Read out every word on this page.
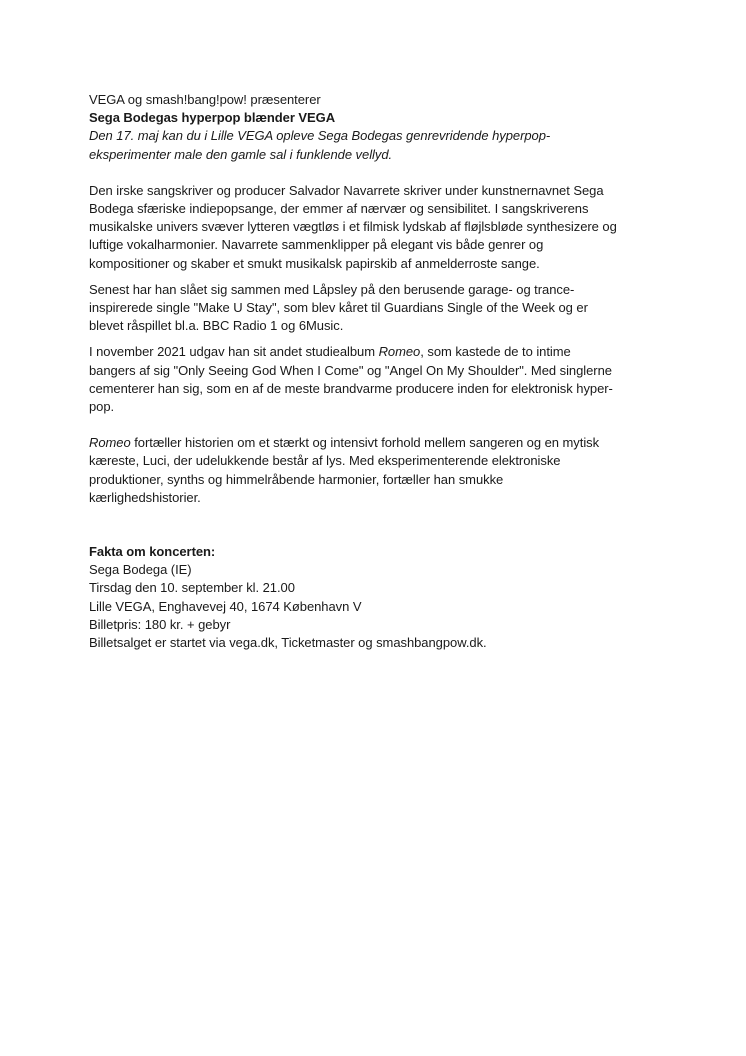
VEGA og smash!bang!pow! præsenterer
Sega Bodegas hyperpop blænder VEGA
Den 17. maj kan du i Lille VEGA opleve Sega Bodegas genrevridende hyperpop-
eksperimenter male den gamle sal i funklende vellyd.
Den irske sangskriver og producer Salvador Navarrete skriver under kunstnernavnet Sega
Bodega sfæriske indiepopsange, der emmer af nærvær og sensibilitet. I sangskriverens
musikalske univers svæver lytteren vægtløs i et filmisk lydskab af fløjlsbløde synthesizere og
luftige vokalharmonier. Navarrete sammenklipper på elegant vis både genrer og
kompositioner og skaber et smukt musikalsk papirskib af anmelderroste sange.
Senest har han slået sig sammen med Låpsley på den berusende garage- og trance-
inspirerede single "Make U Stay", som blev kåret til Guardians Single of the Week og er
blevet råspillet bl.a. BBC Radio 1 og 6Music.
I november 2021 udgav han sit andet studiealbum Romeo, som kastede de to intime
bangers af sig "Only Seeing God When I Come" og "Angel On My Shoulder". Med singlerne
cementerer han sig, som en af de meste brandvarme producere inden for elektronisk hyper-
pop.
Romeo fortæller historien om et stærkt og intensivt forhold mellem sangeren og en mytisk
kæreste, Luci, der udelukkende består af lys. Med eksperimenterende elektroniske
produktioner, synths og himmelråbende harmonier, fortæller han smukke
kærlighedshistorier.
Fakta om koncerten:
Sega Bodega (IE)
Tirsdag den 10. september kl. 21.00
Lille VEGA, Enghavevej 40, 1674 København V
Billetpris: 180 kr. + gebyr
Billetsalget er startet via vega.dk, Ticketmaster og smashbangpow.dk.
